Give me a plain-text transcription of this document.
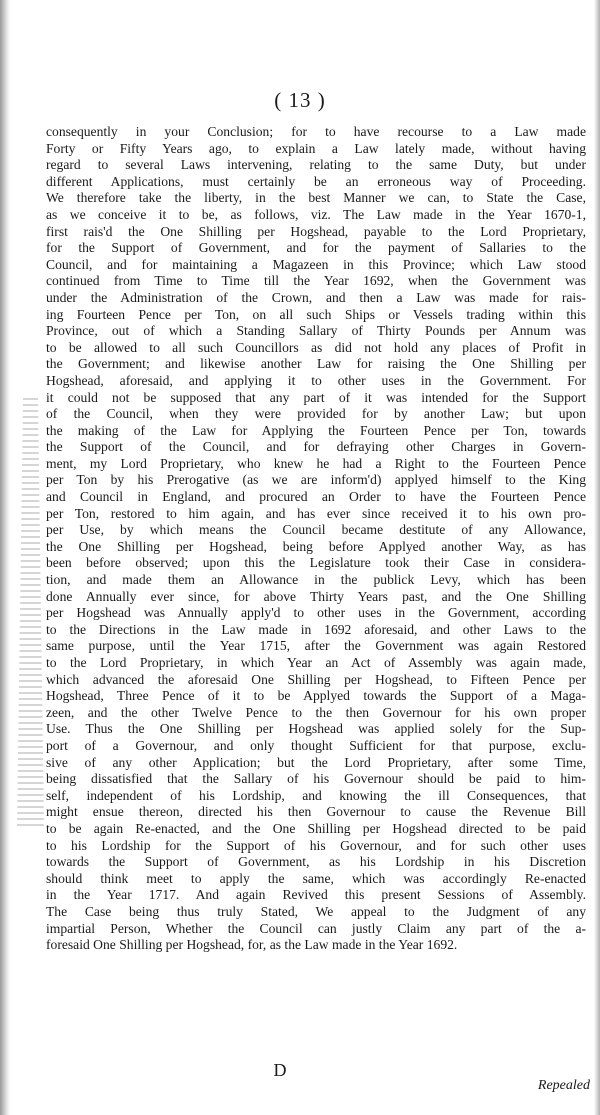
( 13 )
consequently in your Conclusion; for to have recourse to a Law made
Forty or Fifty Years ago, to explain a Law lately made, without having
regard to several Laws intervening, relating to the same Duty, but under
different Applications, must certainly be an erroneous way of Proceeding.
We therefore take the liberty, in the best Manner we can, to State the Case,
as we conceive it to be, as follows, viz. The Law made in the Year 1670-1,
first rais'd the One Shilling per Hogshead, payable to the Lord Proprietary,
for the Support of Government, and for the payment of Sallaries to the
Council, and for maintaining a Magazeen in this Province; which Law stood
continued from Time to Time till the Year 1692, when the Government was
under the Administration of the Crown, and then a Law was made for rais-
ing Fourteen Pence per Ton, on all such Ships or Vessels trading within this
Province, out of which a Standing Sallary of Thirty Pounds per Annum was
to be allowed to all such Councillors as did not hold any places of Profit in
the Government; and likewise another Law for raising the One Shilling per
Hogshead, aforesaid, and applying it to other uses in the Government. For
it could not be supposed that any part of it was intended for the Support
of the Council, when they were provided for by another Law; but upon
the making of the Law for Applying the Fourteen Pence per Ton, towards
the Support of the Council, and for defraying other Charges in Govern-
ment, my Lord Proprietary, who knew he had a Right to the Fourteen Pence
per Ton by his Prerogative (as we are inform'd) applyed himself to the King
and Council in England, and procured an Order to have the Fourteen Pence
per Ton, restored to him again, and has ever since received it to his own pro-
per Use, by which means the Council became destitute of any Allowance,
the One Shilling per Hogshead, being before Applyed another Way, as has
been before observed; upon this the Legislature took their Case in considera-
tion, and made them an Allowance in the publick Levy, which has been
done Annually ever since, for above Thirty Years past, and the One Shilling
per Hogshead was Annually apply'd to other uses in the Government, according
to the Directions in the Law made in 1692 aforesaid, and other Laws to the
same purpose, until the Year 1715, after the Government was again Restored
to the Lord Proprietary, in which Year an Act of Assembly was again made,
which advanced the aforesaid One Shilling per Hogshead, to Fifteen Pence per
Hogshead, Three Pence of it to be Applyed towards the Support of a Maga-
zeen, and the other Twelve Pence to the then Governour for his own proper
Use. Thus the One Shilling per Hogshead was applied solely for the Sup-
port of a Governour, and only thought Sufficient for that purpose, exclu-
sive of any other Application; but the Lord Proprietary, after some Time,
being dissatisfied that the Sallary of his Governour should be paid to him-
self, independent of his Lordship, and knowing the ill Consequences, that
might ensue thereon, directed his then Governour to cause the Revenue Bill
to be again Re-enacted, and the One Shilling per Hogshead directed to be paid
to his Lordship for the Support of his Governour, and for such other uses
towards the Support of Government, as his Lordship in his Discretion
should think meet to apply the same, which was accordingly Re-enacted
in the Year 1717. And again Revived this present Sessions of Assembly.
The Case being thus truly Stated, We appeal to the Judgment of any
impartial Person, Whether the Council can justly Claim any part of the a-
foresaid One Shilling per Hogshead, for, as the Law made in the Year 1692.
D
Repealed
